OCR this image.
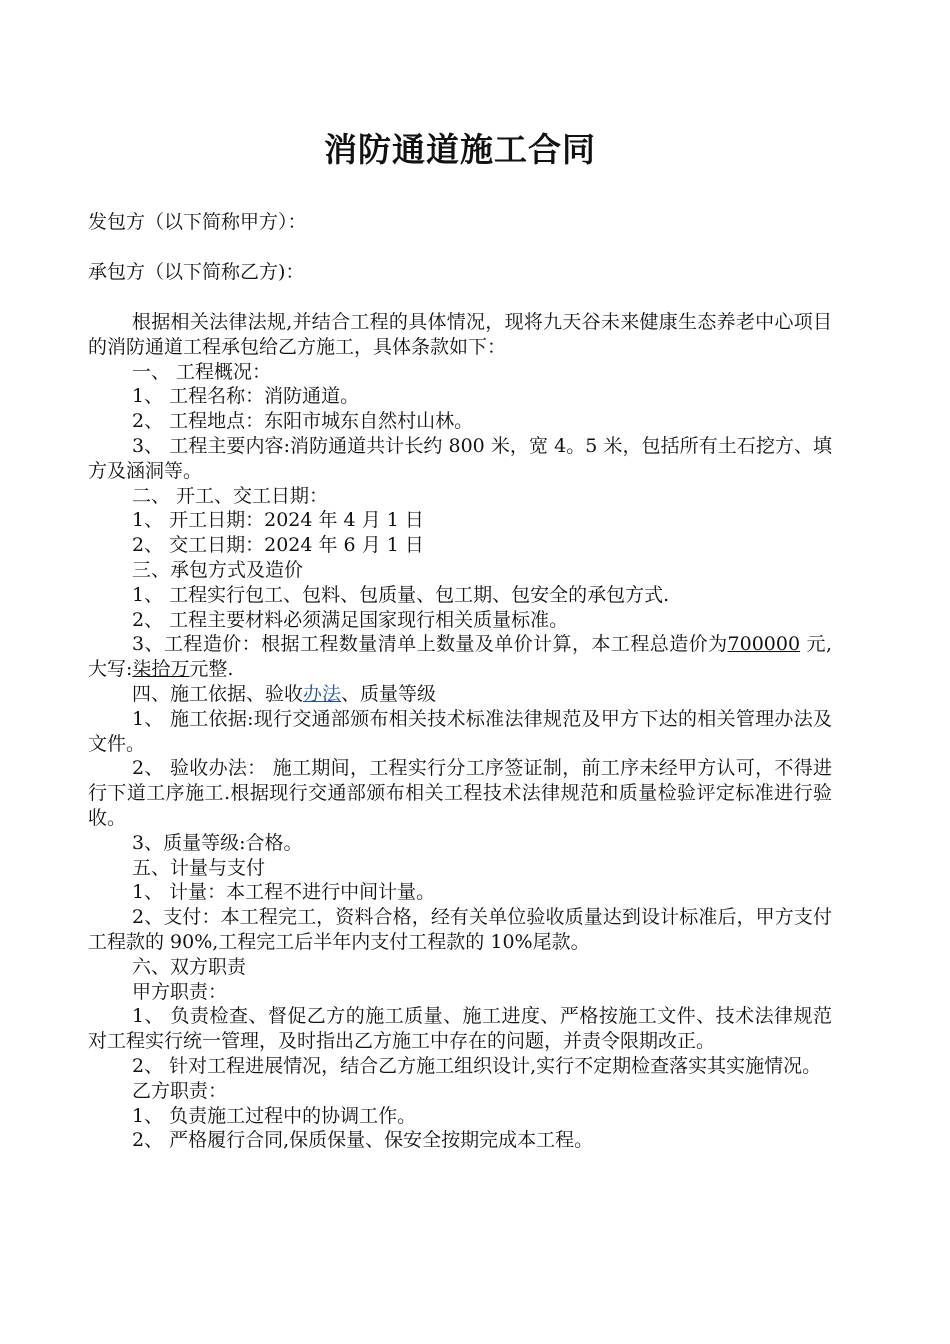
消防通道施工合同

发包方（以下简称甲方）：

承包方（以下简称乙方)：

根据相关法律法规,并结合工程的具体情况，现将九天谷未来健康生态养老中心项目的消防通道工程承包给乙方施工，具体条款如下：

一、 工程概况：

1、 工程名称：消防通道。

2、 工程地点：东阳市城东自然村山林。

3、 工程主要内容:消防通道共计长约 800 米，宽 4。5 米，包括所有土石挖方、填方及涵洞等。

二、 开工、交工日期：

1、 开工日期：2024 年 4 月 1 日

2、 交工日期：2024 年 6 月 1 日

三、承包方式及造价

1、 工程实行包工、包料、包质量、包工期、包安全的承包方式.

2、 工程主要材料必须满足国家现行相关质量标准。

3、工程造价：根据工程数量清单上数量及单价计算，本工程总造价为700000 元,大写:柒拾万元整.

四、施工依据、验收办法、质量等级

1、 施工依据:现行交通部颁布相关技术标准法律规范及甲方下达的相关管理办法及文件。

2、 验收办法： 施工期间，工程实行分工序签证制，前工序未经甲方认可，不得进行下道工序施工.根据现行交通部颁布相关工程技术法律规范和质量检验评定标准进行验收。

3、质量等级:合格。

五、计量与支付

1、 计量：本工程不进行中间计量。

2、支付：本工程完工，资料合格，经有关单位验收质量达到设计标准后，甲方支付工程款的 90%,工程完工后半年内支付工程款的 10%尾款。

六、双方职责

甲方职责：

1、 负责检查、督促乙方的施工质量、施工进度、严格按施工文件、技术法律规范对工程实行统一管理，及时指出乙方施工中存在的问题，并责令限期改正。

2、 针对工程进展情况，结合乙方施工组织设计,实行不定期检查落实其实施情况。

乙方职责：

1、 负责施工过程中的协调工作。

2、 严格履行合同,保质保量、保安全按期完成本工程。
